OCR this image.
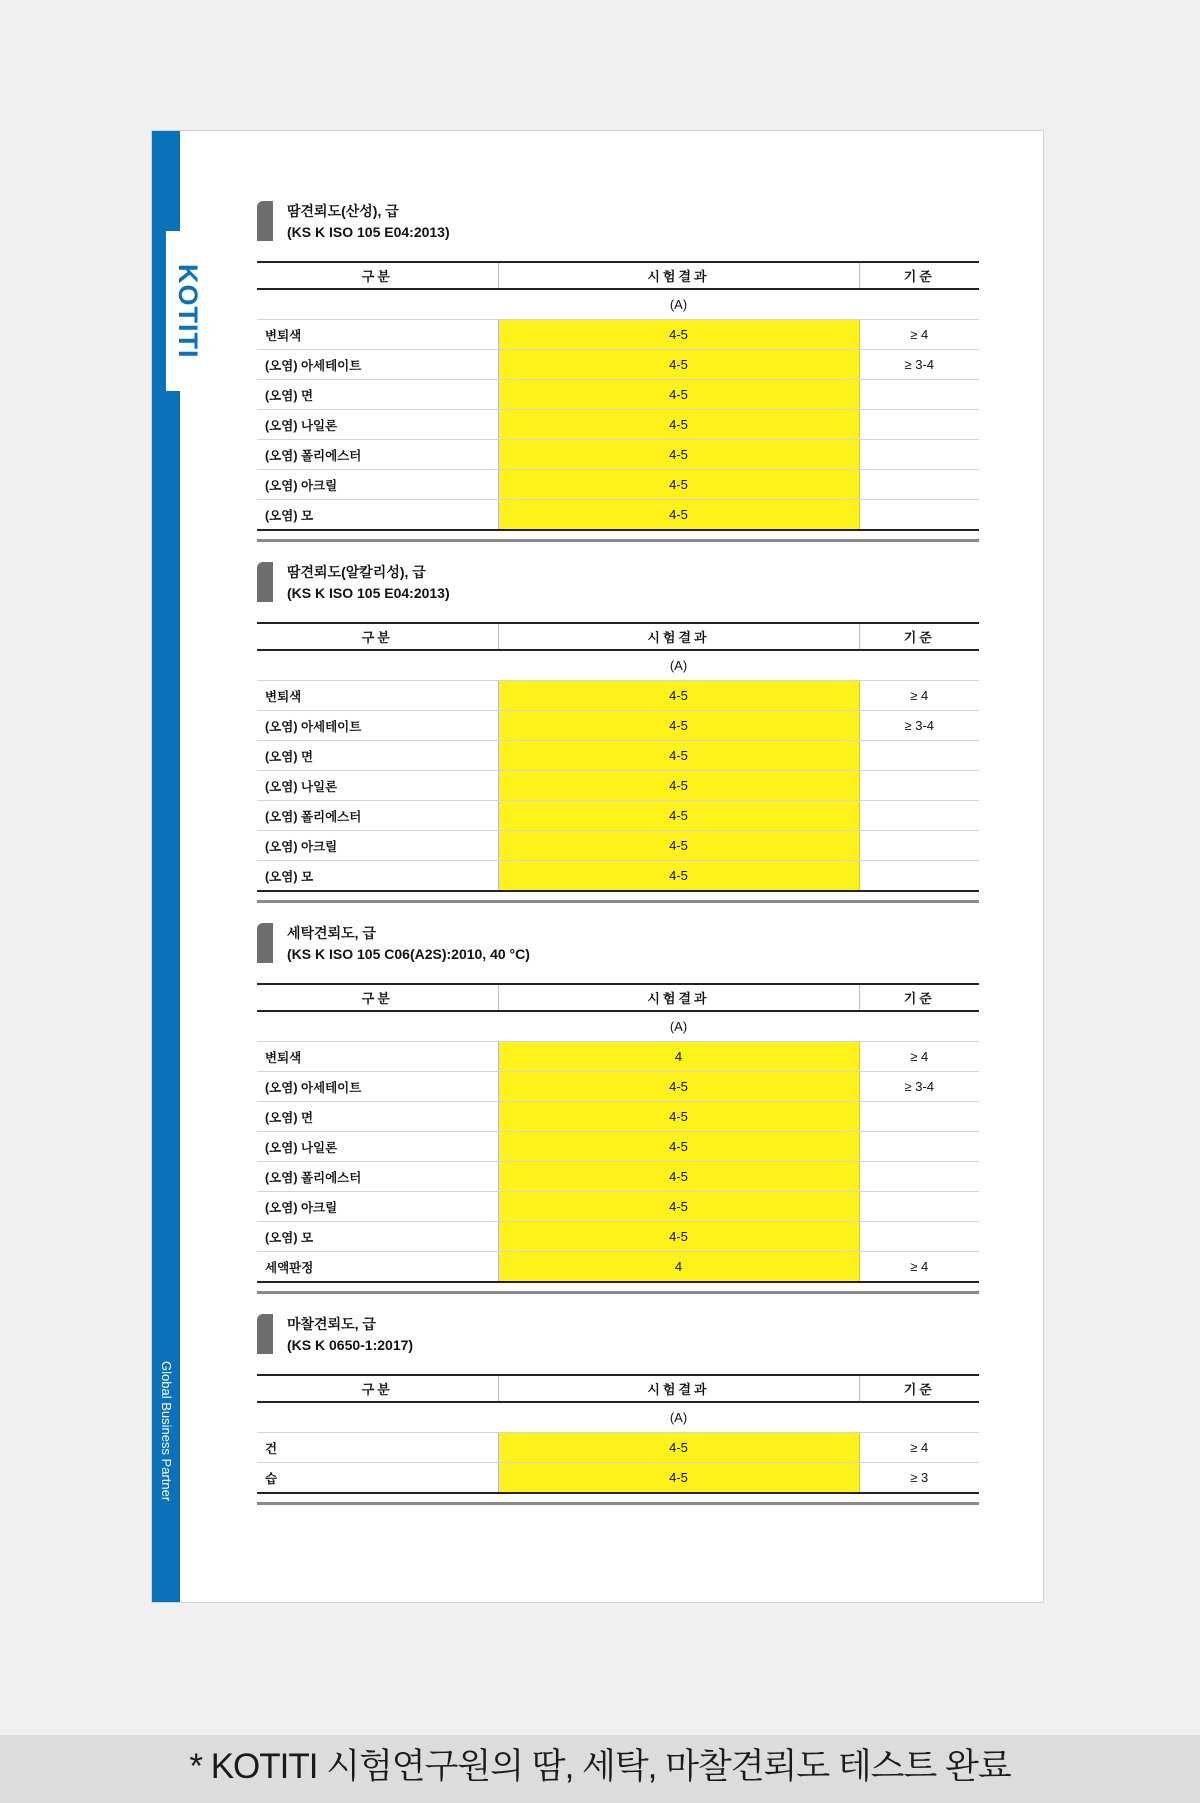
KOTITI
Global Business Partner
땀견뢰도(산성), 급
(KS K ISO 105 E04:2013)
구분	시험결과	기준
	(A)	
변퇴색	4-5	≥ 4
(오염) 아세테이트	4-5	≥ 3-4
(오염) 면	4-5	
(오염) 나일론	4-5	
(오염) 폴리에스터	4-5	
(오염) 아크릴	4-5	
(오염) 모	4-5	
땀견뢰도(알칼리성), 급
(KS K ISO 105 E04:2013)
구분	시험결과	기준
	(A)	
변퇴색	4-5	≥ 4
(오염) 아세테이트	4-5	≥ 3-4
(오염) 면	4-5	
(오염) 나일론	4-5	
(오염) 폴리에스터	4-5	
(오염) 아크릴	4-5	
(오염) 모	4-5	
세탁견뢰도, 급
(KS K ISO 105 C06(A2S):2010, 40 °C)
구분	시험결과	기준
	(A)	
변퇴색	4	≥ 4
(오염) 아세테이트	4-5	≥ 3-4
(오염) 면	4-5	
(오염) 나일론	4-5	
(오염) 폴리에스터	4-5	
(오염) 아크릴	4-5	
(오염) 모	4-5	
세액판정	4	≥ 4
마찰견뢰도, 급
(KS K 0650-1:2017)
구분	시험결과	기준
	(A)	
건	4-5	≥ 4
습	4-5	≥ 3
* KOTITI 시험연구원의 땀, 세탁, 마찰견뢰도 테스트 완료
